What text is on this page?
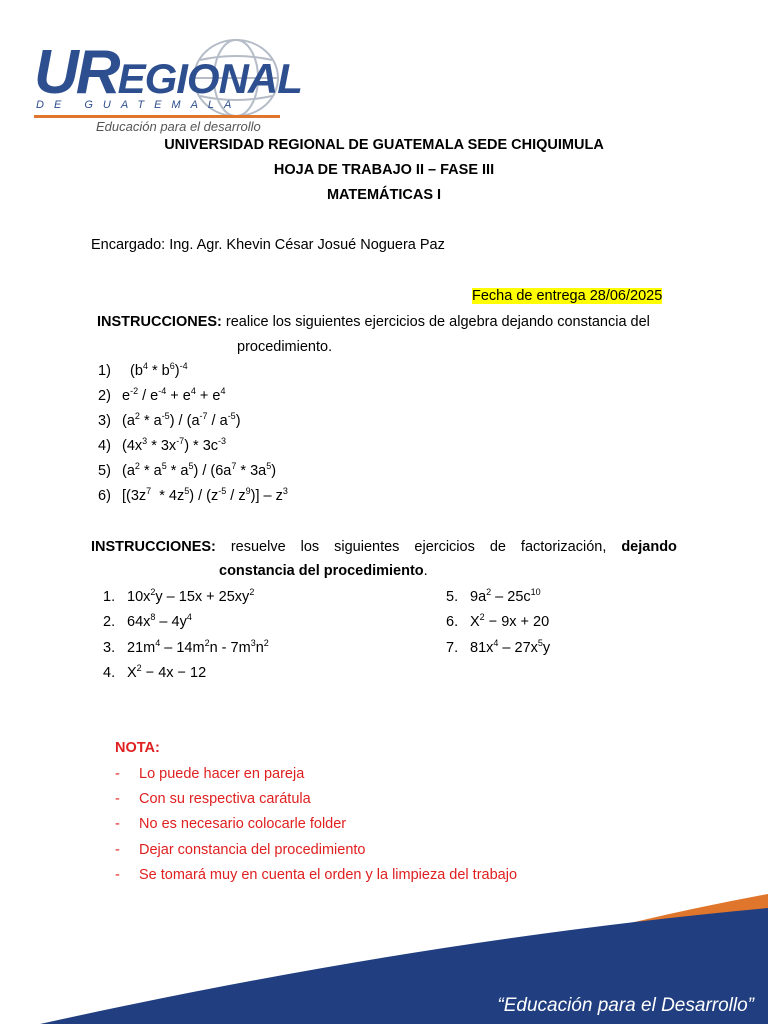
UREGIONAL
DE GUATEMALA
Educación para el desarrollo
UNIVERSIDAD REGIONAL DE GUATEMALA SEDE CHIQUIMULA
HOJA DE TRABAJO II – FASE III
MATEMÁTICAS I
Encargado: Ing. Agr. Khevin César Josué Noguera Paz
Fecha de entrega 28/06/2025
INSTRUCCIONES: realice los siguientes ejercicios de algebra dejando constancia del
procedimiento.
1)  $(b^4 * b^6)^{-4}$
2) $e^{-2} / e^{-4} + e^4 + e^4$
3) $(a^2 * a^{-5}) / (a^{-7} / a^{-5})$
4) $(4x^3 * 3x^{-7}) * 3c^{-3}$
5) $(a^2 * a^5 * a^5) / (6a^7 * 3a^5)$
6) $[(3z^7 * 4z^5) / (z^{-5} / z^9)] - z^3$
INSTRUCCIONES: resuelve los siguientes ejercicios de factorización, dejando
constancia del procedimiento.
1. $10x^2y - 15x + 25xy^2$
2. $64x^8 - 4y^4$
3. $21m^4 - 14m^2n - 7m^3n^2$
4. $X^2 - 4x - 12$
5. $9a^2 - 25c^{10}$
6. $X^2 - 9x + 20$
7. $81x^4 - 27x^5y$
NOTA:
- Lo puede hacer en pareja
- Con su respectiva carátula
- No es necesario colocarle folder
- Dejar constancia del procedimiento
- Se tomará muy en cuenta el orden y la limpieza del trabajo
“Educación para el Desarrollo”
